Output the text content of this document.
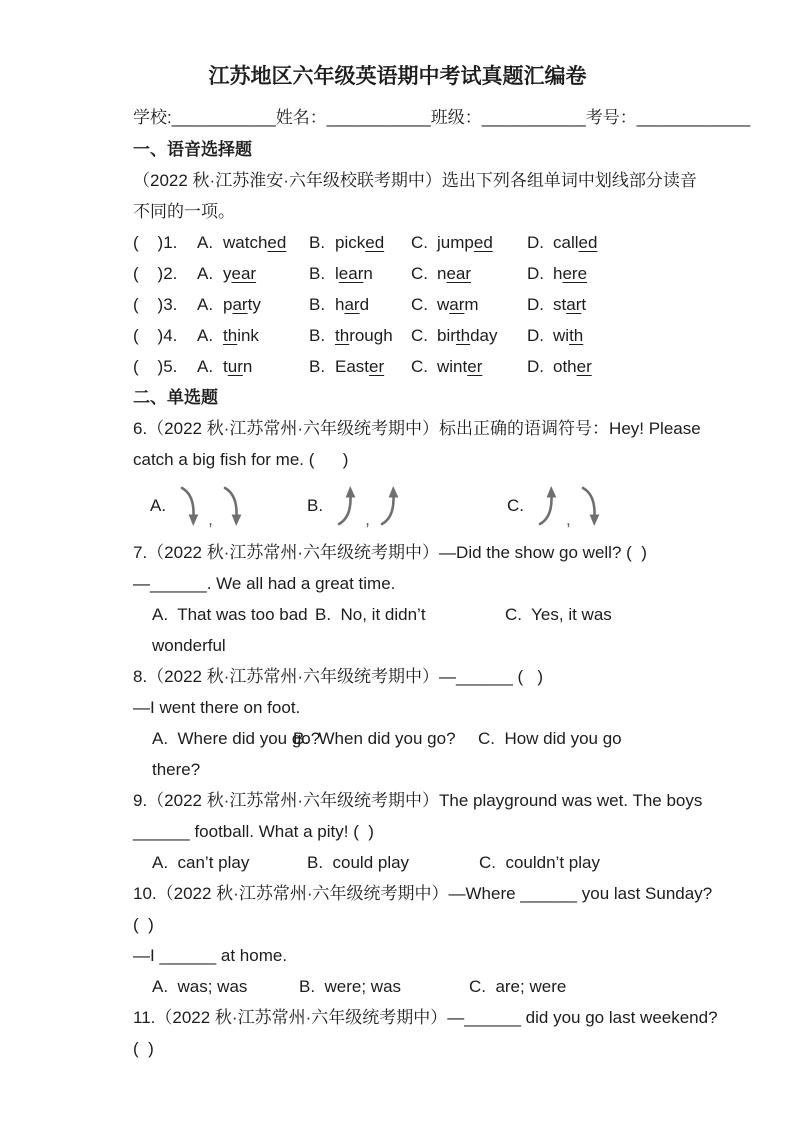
江苏地区六年级英语期中考试真题汇编卷
学校:___________ 姓名：___________ 班级：___________ 考号：____________
一、语音选择题
（2022 秋·江苏淮安·六年级校联考期中）选出下列各组单词中划线部分读音
不同的一项。
(    )1.	A. watched	B. picked	C. jumped	D. called
(    )2.	A. year	B. learn	C. near	D. here
(    )3.	A. party	B. hard	C. warm	D. start
(    )4.	A. think	B. through	C. birthday	D. with
(    )5.	A. turn	B. Easter	C. winter	D. other
二、单选题
6.（2022 秋·江苏常州·六年级统考期中）标出正确的语调符号：Hey! Please
catch a big fish for me. (      )
A.
,
B.
,
C.
,
7.（2022 秋·江苏常州·六年级统考期中）—Did the show go well? (  )
—______. We all had a great time.
A.  That was too bad B.  No, it didn’t	C.  Yes, it was
wonderful
8.（2022 秋·江苏常州·六年级统考期中）—______ (   )
—I went there on foot.
A.  Where did you go?
B.  When did you go?	C.  How did you go
there?
9.（2022 秋·江苏常州·六年级统考期中）The playground was wet. The boys
______ football. What a pity! (  )
A.  can’t play	B.  could play	C.  couldn’t play
10.（2022 秋·江苏常州·六年级统考期中）—Where ______ you last Sunday?
(  )
—I ______ at home.
A.  was; was	B.  were; was	C.  are; were
11.（2022 秋·江苏常州·六年级统考期中）—______ did you go last weekend?
(  )
